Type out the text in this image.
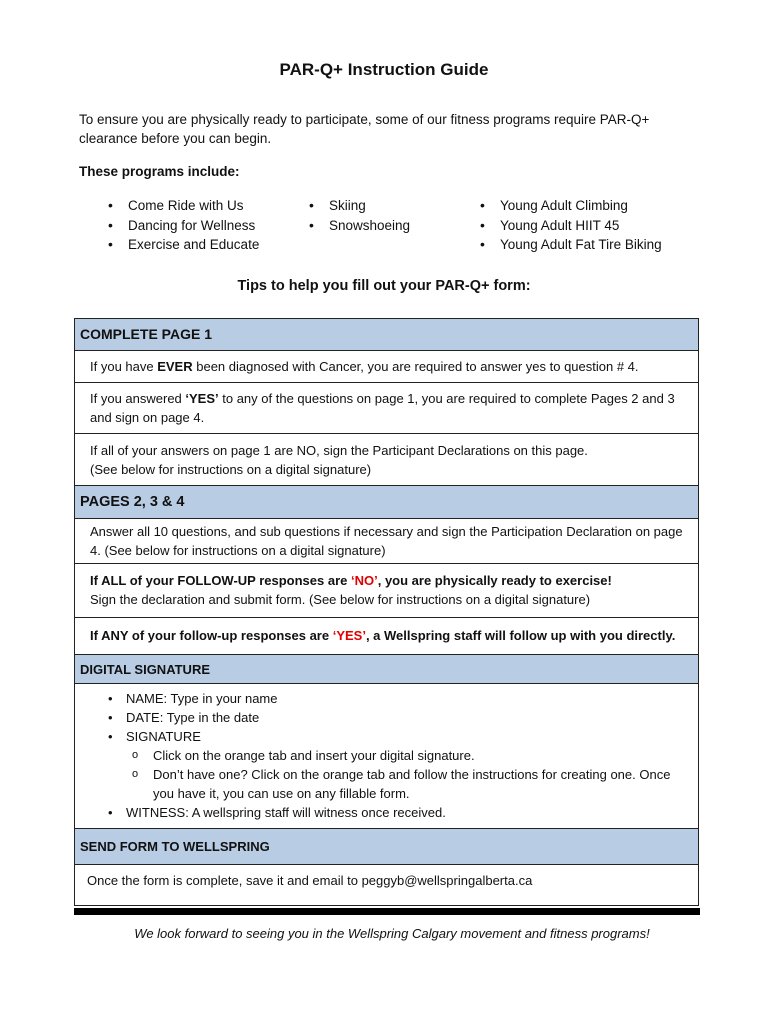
PAR-Q+ Instruction Guide
To ensure you are physically ready to participate, some of our fitness programs require PAR-Q+ clearance before you can begin.
These programs include:
• Come Ride with Us
• Dancing for Wellness
• Exercise and Educate
• Skiing
• Snowshoeing
• Young Adult Climbing
• Young Adult HIIT 45
• Young Adult Fat Tire Biking
Tips to help you fill out your PAR-Q+ form:
COMPLETE PAGE 1
If you have EVER been diagnosed with Cancer, you are required to answer yes to question # 4.
If you answered ‘YES’ to any of the questions on page 1, you are required to complete Pages 2 and 3 and sign on page 4.
If all of your answers on page 1 are NO, sign the Participant Declarations on this page.
(See below for instructions on a digital signature)
PAGES 2, 3 & 4
Answer all 10 questions, and sub questions if necessary and sign the Participation Declaration on page 4. (See below for instructions on a digital signature)
If ALL of your FOLLOW-UP responses are ‘NO’, you are physically ready to exercise!
Sign the declaration and submit form. (See below for instructions on a digital signature)
If ANY of your follow-up responses are ‘YES’, a Wellspring staff will follow up with you directly.
DIGITAL SIGNATURE
• NAME: Type in your name
• DATE: Type in the date
• SIGNATURE
o Click on the orange tab and insert your digital signature.
o Don’t have one? Click on the orange tab and follow the instructions for creating one. Once you have it, you can use on any fillable form.
• WITNESS: A wellspring staff will witness once received.
SEND FORM TO WELLSPRING
Once the form is complete, save it and email to peggyb@wellspringalberta.ca
We look forward to seeing you in the Wellspring Calgary movement and fitness programs!
